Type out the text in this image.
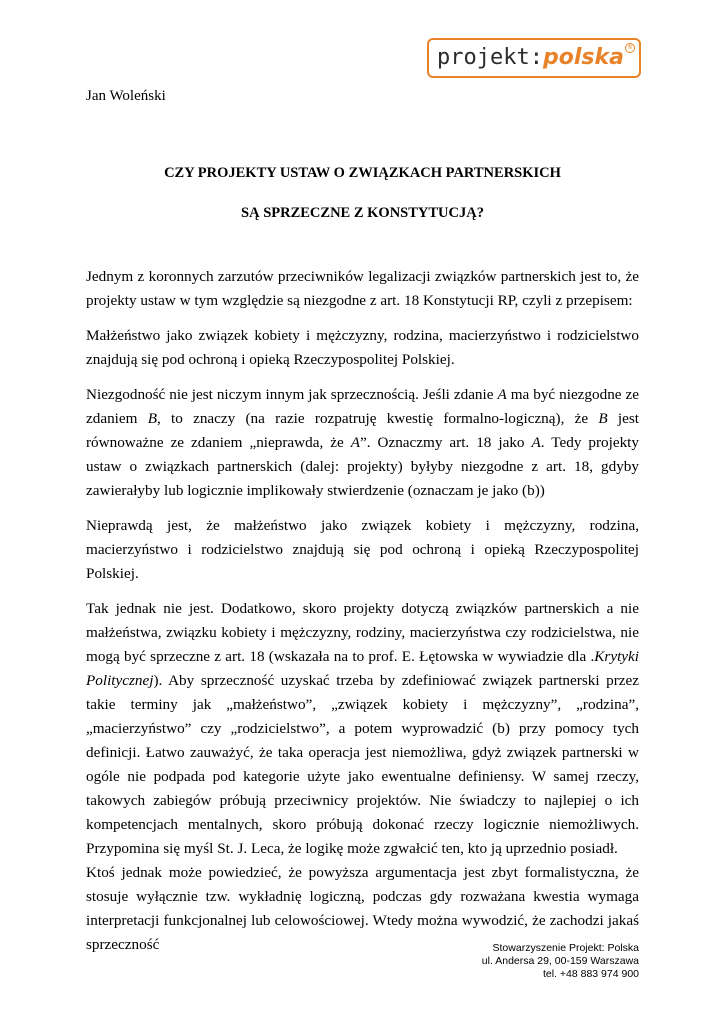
projekt : polska ®
Jan Woleński
CZY PROJEKTY USTAW O ZWIĄZKACH PARTNERSKICH
SĄ SPRZECZNE Z KONSTYTUCJĄ?

Jednym z koronnych zarzutów przeciwników legalizacji związków partnerskich jest to, że projekty ustaw w tym względzie są niezgodne z art. 18 Konstytucji RP, czyli z przepisem:

Małżeństwo jako związek kobiety i mężczyzny, rodzina, macierzyństwo i rodzicielstwo znajdują się pod ochroną i opieką Rzeczypospolitej Polskiej.

Niezgodność nie jest niczym innym jak sprzecznością. Jeśli zdanie A ma być niezgodne ze zdaniem B, to znaczy (na razie rozpatruję kwestię formalno-logiczną), że B jest równoważne ze zdaniem „nieprawda, że A”. Oznaczmy art. 18 jako A. Tedy projekty ustaw o związkach partnerskich (dalej: projekty) byłyby niezgodne z art. 18, gdyby zawierałyby lub logicznie implikowały stwierdzenie (oznaczam je jako (b))

Nieprawdą jest, że małżeństwo jako związek kobiety i mężczyzny, rodzina, macierzyństwo i rodzicielstwo znajdują się pod ochroną i opieką Rzeczypospolitej Polskiej.

Tak jednak nie jest. Dodatkowo, skoro projekty dotyczą związków partnerskich a nie małżeństwa, związku kobiety i mężczyzny, rodziny, macierzyństwa czy rodzicielstwa, nie mogą być sprzeczne z art. 18 (wskazała na to prof. E. Łętowska w wywiadzie dla .Krytyki Politycznej). Aby sprzeczność uzyskać trzeba by zdefiniować związek partnerski przez takie terminy jak „małżeństwo”, „związek kobiety i mężczyzny”, „rodzina”, „macierzyństwo” czy „rodzicielstwo”, a potem wyprowadzić (b) przy pomocy tych definicji. Łatwo zauważyć, że taka operacja jest niemożliwa, gdyż związek partnerski w ogóle nie podpada pod kategorie użyte jako ewentualne definiensy. W samej rzeczy, takowych zabiegów próbują przeciwnicy projektów. Nie świadczy to najlepiej o ich kompetencjach mentalnych, skoro próbują dokonać rzeczy logicznie niemożliwych. Przypomina się myśl St. J. Leca, że logikę może zgwałcić ten, kto ją uprzednio posiadł.

Ktoś jednak może powiedzieć, że powyższa argumentacja jest zbyt formalistyczna, że stosuje wyłącznie tzw. wykładnię logiczną, podczas gdy rozważana kwestia wymaga interpretacji funkcjonalnej lub celowościowej. Wtedy można wywodzić, że zachodzi jakaś sprzeczność	Stowarzyszenie Projekt: Polska
ul. Andersa 29, 00-159 Warszawa
tel. +48 883 974 900
